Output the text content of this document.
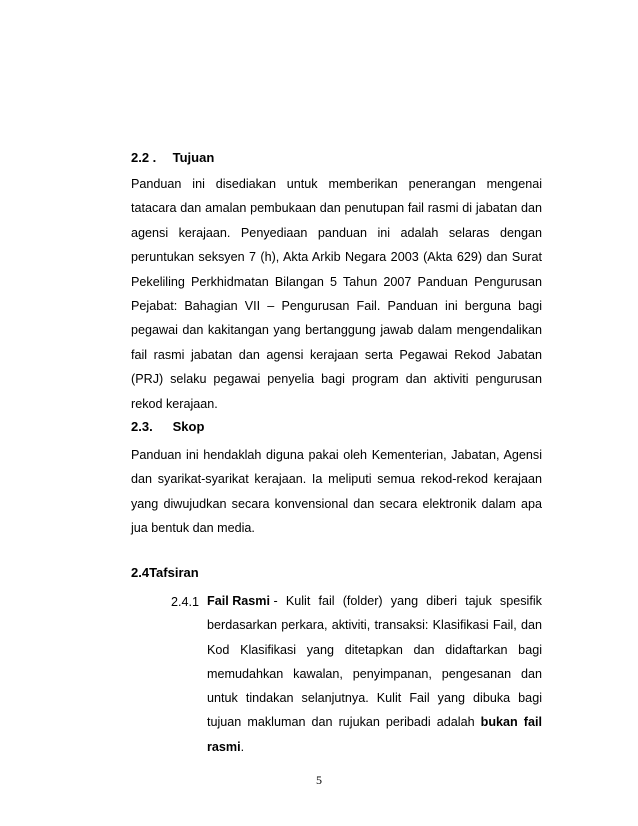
2.2 . Tujuan
Panduan ini disediakan untuk memberikan penerangan mengenai
tatacara dan amalan pembukaan dan penutupan fail rasmi di jabatan dan
agensi kerajaan. Penyediaan panduan ini adalah selaras dengan
peruntukan seksyen 7 (h), Akta Arkib Negara 2003 (Akta 629) dan Surat
Pekeliling Perkhidmatan Bilangan 5 Tahun 2007 Panduan Pengurusan
Pejabat: Bahagian VII – Pengurusan Fail. Panduan ini berguna bagi
pegawai dan kakitangan yang bertanggung jawab dalam mengendalikan
fail rasmi jabatan dan agensi kerajaan serta Pegawai Rekod Jabatan
(PRJ) selaku pegawai penyelia bagi program dan aktiviti pengurusan
rekod kerajaan.
2.3. Skop
Panduan ini hendaklah diguna pakai oleh Kementerian, Jabatan, Agensi
dan syarikat-syarikat kerajaan. Ia meliputi semua rekod-rekod kerajaan
yang diwujudkan secara konvensional dan secara elektronik dalam apa
jua bentuk dan media.
2.4Tafsiran
2.4.1 Fail Rasmi - Kulit fail (folder) yang diberi tajuk spesifik
berdasarkan perkara, aktiviti, transaksi: Klasifikasi Fail, dan
Kod Klasifikasi yang ditetapkan dan didaftarkan bagi
memudahkan kawalan, penyimpanan, pengesanan dan
untuk tindakan selanjutnya. Kulit Fail yang dibuka bagi
tujuan makluman dan rujukan peribadi adalah bukan fail
rasmi.
5
